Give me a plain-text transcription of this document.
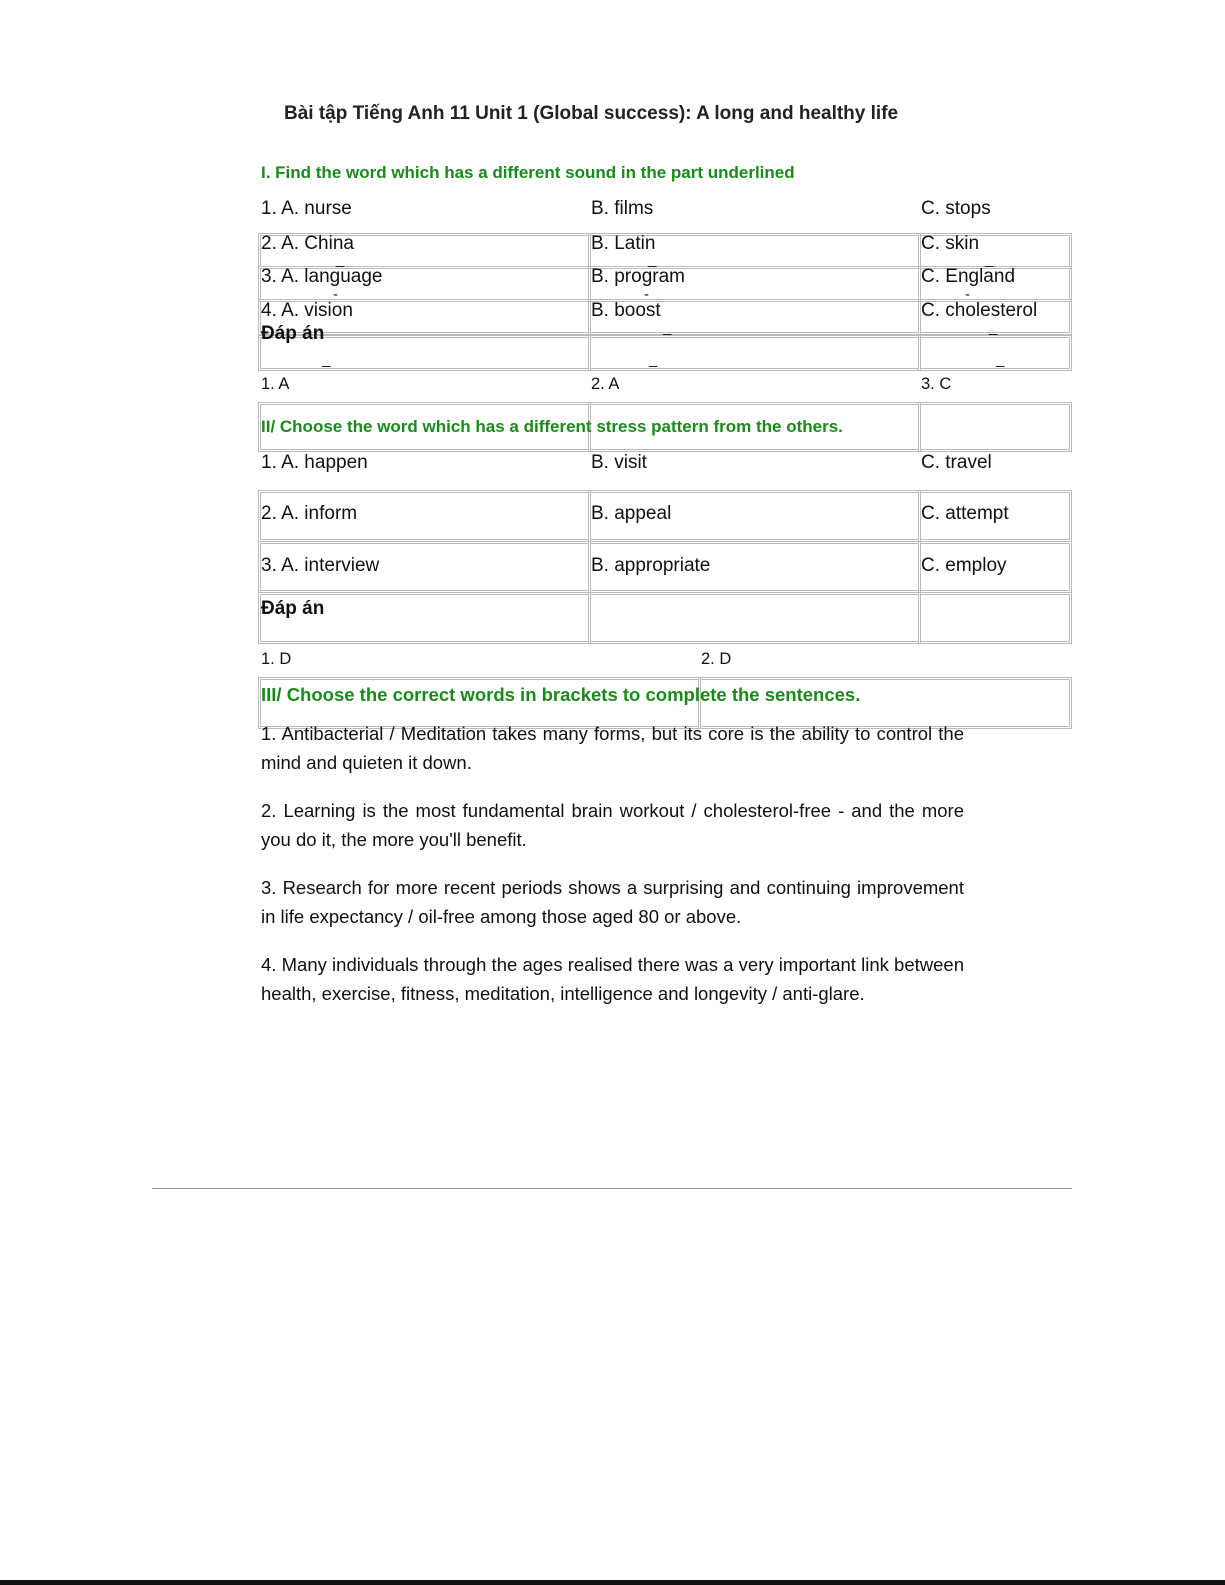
Bài tập Tiếng Anh 11 Unit 1 (Global success): A long and healthy life
I. Find the word which has a different sound in the part underlined
1. A. nurse	B. films	C. stops
2. A. China	B. Latin	C. skin
3. A. language	B. program	C. England
4. A. vision	B. boost	C. cholesterol
Đáp án
_	_	_
-	-	-
_	_
_	_	_
1. A	2. A	3. C
II/ Choose the word which has a different stress pattern from the others.
1. A. happen	B. visit	C. travel
2. A. inform	B. appeal	C. attempt
3. A. interview	B. appropriate	C. employ
Đáp án
1. D	2. D
III/ Choose the correct words in brackets to complete the sentences.
1. Antibacterial / Meditation takes many forms, but its core is the ability to control the mind and quieten it down.
2. Learning is the most fundamental brain workout / cholesterol-free - and the more you do it, the more you'll benefit.
3. Research for more recent periods shows a surprising and continuing improvement in life expectancy / oil-free among those aged 80 or above.
4. Many individuals through the ages realised there was a very important link between health, exercise, fitness, meditation, intelligence and longevity / anti-glare.
